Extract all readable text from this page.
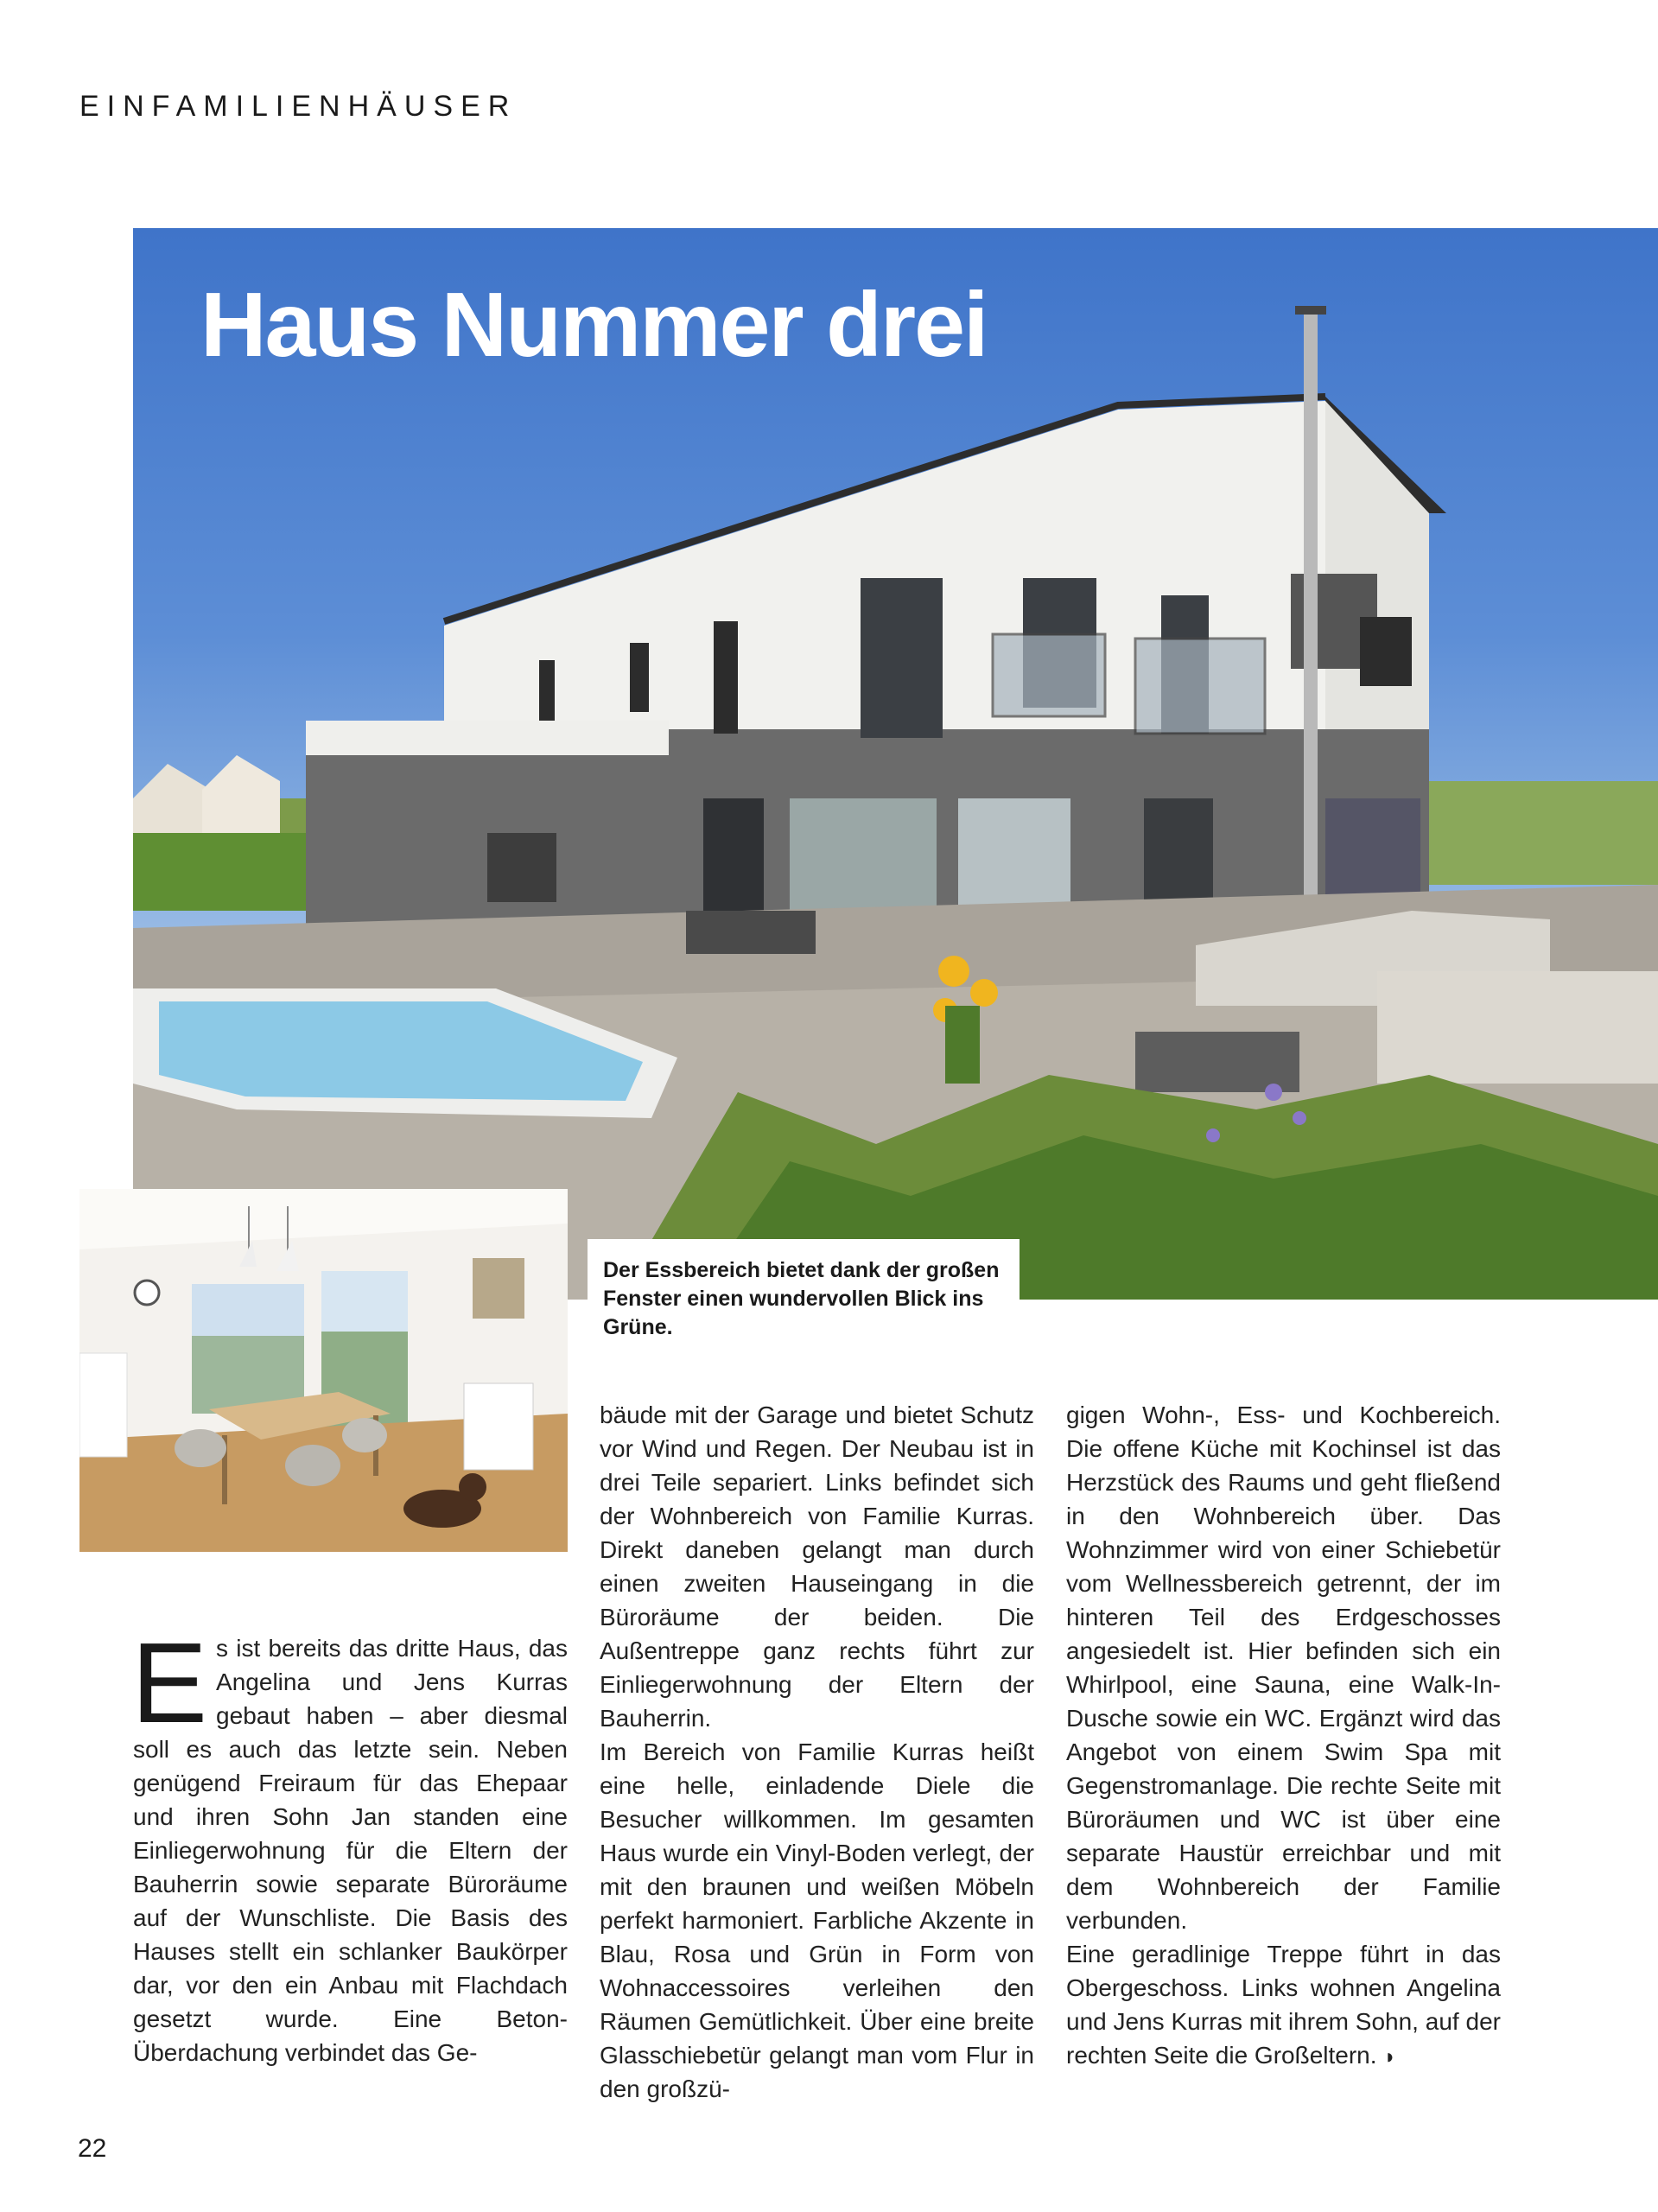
EINFAMILIENHÄUSER
Haus Nummer drei
Der Essbereich bietet dank der großen Fenster einen wundervollen Blick ins Grüne.
E s ist bereits das dritte Haus, das Angelina und Jens Kurras gebaut haben – aber diesmal soll es auch das letzte sein. Neben genügend Freiraum für das Ehepaar und ihren Sohn Jan standen eine Einliegerwohnung für die Eltern der Bauherrin sowie separate Büroräume auf der Wunschliste. Die Basis des Hauses stellt ein schlanker Baukörper dar, vor den ein Anbau mit Flachdach gesetzt wurde. Eine Beton-Überdachung verbindet das Ge-

bäude mit der Garage und bietet Schutz vor Wind und Regen. Der Neubau ist in drei Teile separiert. Links befindet sich der Wohnbereich von Familie Kurras. Direkt daneben gelangt man durch einen zweiten Hauseingang in die Büroräume der beiden. Die Außentreppe ganz rechts führt zur Einliegerwohnung der Eltern der Bauherrin.

Im Bereich von Familie Kurras heißt eine helle, einladende Diele die Besucher willkommen. Im gesamten Haus wurde ein Vinyl-Boden verlegt, der mit den braunen und weißen Möbeln perfekt harmoniert. Farbliche Akzente in Blau, Rosa und Grün in Form von Wohnaccessoires verleihen den Räumen Gemütlichkeit. Über eine breite Glasschiebetür gelangt man vom Flur in den großzü-

gigen Wohn-, Ess- und Kochbereich. Die offene Küche mit Kochinsel ist das Herzstück des Raums und geht fließend in den Wohnbereich über. Das Wohnzimmer wird von einer Schiebetür vom Wellnessbereich getrennt, der im hinteren Teil des Erdgeschosses angesiedelt ist. Hier befinden sich ein Whirlpool, eine Sauna, eine Walk-In-Dusche sowie ein WC. Ergänzt wird das Angebot von einem Swim Spa mit Gegenstromanlage. Die rechte Seite mit Büroräumen und WC ist über eine separate Haustür erreichbar und mit dem Wohnbereich der Familie verbunden.

Eine geradlinige Treppe führt in das Obergeschoss. Links wohnen Angelina und Jens Kurras mit ihrem Sohn, auf der rechten Seite die Großeltern. ◗

22
